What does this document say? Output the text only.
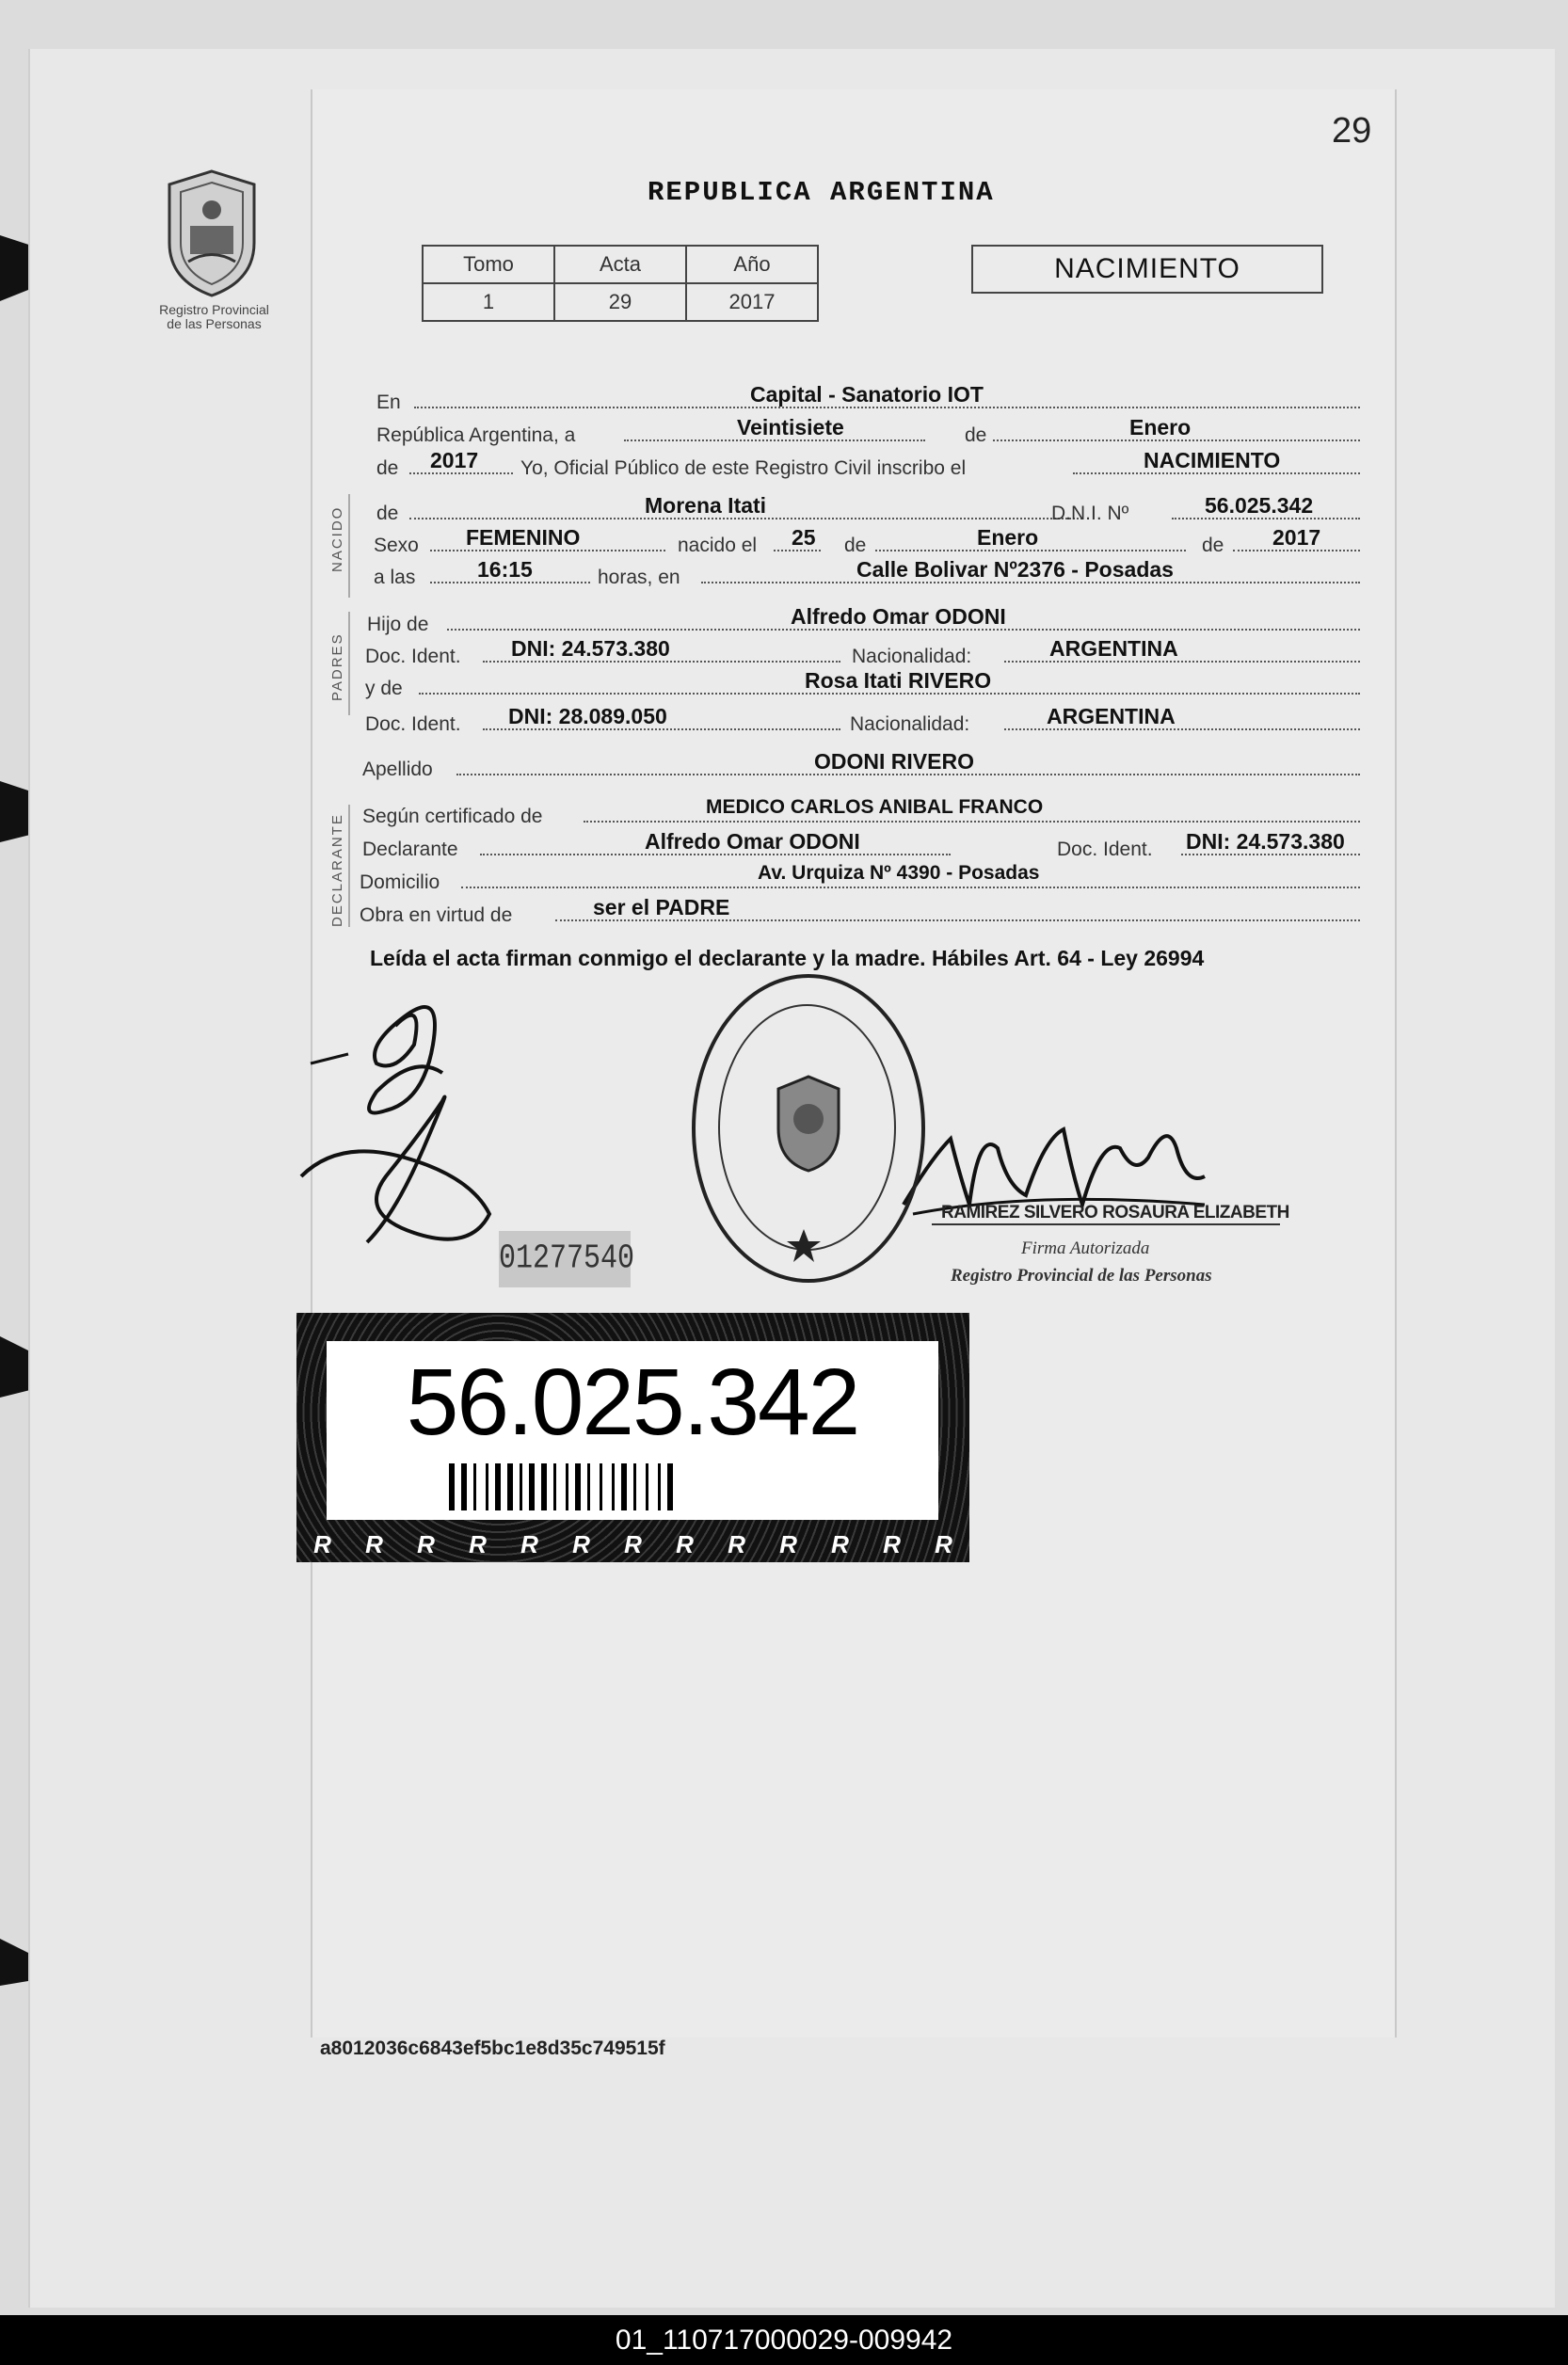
29
Registro Provincial
de las Personas
REPUBLICA ARGENTINA
Tomo	Acta	Año
1	29	2017
NACIMIENTO
NACIDO
PADRES
DECLARANTE
En	Capital - Sanatorio IOT
República Argentina, a	Veintisiete	de	Enero
de 2017 Yo, Oficial Público de este Registro Civil inscribo el	NACIMIENTO
de	Morena Itati	D.N.I. Nº	56.025.342
Sexo FEMENINO	nacido el 25 de	Enero	de 2017
a las	16:15	horas, en	Calle Bolivar Nº2376 - Posadas
Hijo de	Alfredo Omar ODONI
Doc. Ident. DNI: 24.573.380	Nacionalidad:	ARGENTINA
y de	Rosa Itati RIVERO
Doc. Ident. DNI: 28.089.050	Nacionalidad:	ARGENTINA
Apellido	ODONI RIVERO
Según certificado de	MEDICO CARLOS ANIBAL FRANCO
Declarante	Alfredo Omar ODONI	Doc. Ident. DNI: 24.573.380
Domicilio	Av. Urquiza Nº 4390 - Posadas
Obra en virtud de	ser el PADRE
Leída el acta firman conmigo el declarante y la madre. Hábiles Art. 64 - Ley 26994
01277540
RAMIREZ SILVERO ROSAURA ELIZABETH
Firma Autorizada
Registro Provincial de las Personas
56.025.342
R	R	R	R	R	R	R	R	R	R	R	R	R
a8012036c6843ef5bc1e8d35c749515f
01_110717000029-009942
